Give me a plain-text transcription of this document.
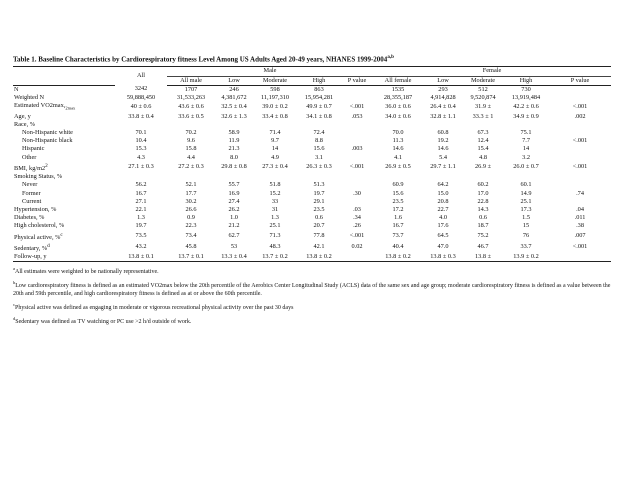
Table 1. Baseline Characteristics by Cardiorespiratory fitness Level Among US Adults Aged 20-49 years, NHANES 1999-2004$^{a,b}$
	All	Male					Female				
		All male	Low	Moderate	High	P value	All female	Low	Moderate	High	P value
N	3242	1707	246	598	863		1535	293	512	730	
Weighted N	59,888,450	31,533,263	4,381,672	11,197,310	15,954,281		28,355,187	4,914,828	9,520,874	13,919,484	
Estimated $VO2\max,_{2max}$	40 ± 0.6	43.6 ± 0.6	32.5 ± 0.4	39.0 ± 0.2	49.9 ± 0.7	<.001	36.0 ± 0.6	26.4 ± 0.4	31.9 ±	42.2 ± 0.6	<.001
Age, y	33.8 ± 0.4	33.6 ± 0.5	32.6 ± 1.3	33.4 ± 0.8	34.1 ± 0.8	.053	34.0 ± 0.6	32.8 ± 1.1	33.3 ± 1	34.9 ± 0.9	.002
Race, %											
Non-Hispanic white	70.1	70.2	58.9	71.4	72.4		70.0	60.8	67.3	75.1	
Non-Hispanic black	10.4	9.6	11.9	9.7	8.8		11.3	19.2	12.4	7.7	<.001
Hispanic	15.3	15.8	21.3	14	15.6	.003	14.6	14.6	15.4	14	
Other	4.3	4.4	8.0	4.9	3.1		4.1	5.4	4.8	3.2	
BMI, $kg/m2^2$	27.1 ± 0.3	27.2 ± 0.3	29.8 ± 0.8	27.3 ± 0.4	26.3 ± 0.3	<.001	26.9 ± 0.5	29.7 ± 1.1	26.9 ±	26.0 ± 0.7	<.001
Smoking Status, %											
Never	56.2	52.1	55.7	51.8	51.3		60.9	64.2	60.2	60.1	
Former	16.7	17.7	16.9	15.2	19.7	.30	15.6	15.0	17.0	14.9	.74
Current	27.1	30.2	27.4	33	29.1		23.5	20.8	22.8	25.1	
Hypertension, %	22.1	26.6	26.2	31	23.5	.03	17.2	22.7	14.3	17.3	.04
Diabetes, %	1.3	0.9	1.0	1.3	0.6	.34	1.6	4.0	0.6	1.5	.011
High cholesterol, %	19.7	22.3	21.2	25.1	20.7	.26	16.7	17.6	18.7	15	.38
Physical active, %$^c$	73.5	73.4	62.7	71.3	77.8	<.001	73.7	64.5	75.2	76	.007
Sedentary, %$^d$	43.2	45.8	53	48.3	42.1	0.02	40.4	47.0	46.7	33.7	<.001
Follow-up, y	13.8 ± 0.1	13.7 ± 0.1	13.3 ± 0.4	13.7 ± 0.2	13.8 ± 0.2		13.8 ± 0.2	13.8 ± 0.3	13.8 ±	13.9 ± 0.2	

$^a$All estimates were weighted to be nationally representative.

$^b$Low cardiorespiratory fitness is defined as an estimated VO2max below the 20th percentile of the Aerobics Center Longitudinal Study (ACLS) data of the same sex and age group; moderate cardiorespiratory fitness is defined as a value between the 20th and 59th percentile, and high cardiorespiratory fitness is defined as at or above the 60th percentile.

$^c$Physical active was defined as engaging in moderate or vigorous recreational physical activity over the past 30 days

$^d$Sedentary was defined as TV watching or PC use >2 h/d outside of work.
